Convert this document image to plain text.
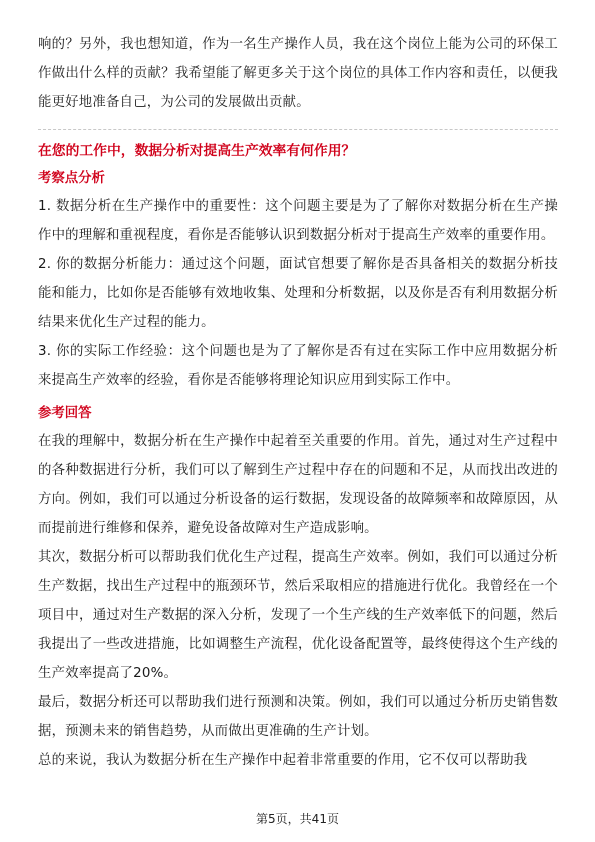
响的？另外，我也想知道，作为一名生产操作人员，我在这个岗位上能为公司的环保工作做出什么样的贡献？我希望能了解更多关于这个岗位的具体工作内容和责任，以便我能更好地准备自己，为公司的发展做出贡献。

在您的工作中，数据分析对提高生产效率有何作用？

考察点分析

1. 数据分析在生产操作中的重要性：这个问题主要是为了了解你对数据分析在生产操作中的理解和重视程度，看你是否能够认识到数据分析对于提高生产效率的重要作用。

2. 你的数据分析能力：通过这个问题，面试官想要了解你是否具备相关的数据分析技能和能力，比如你是否能够有效地收集、处理和分析数据，以及你是否有利用数据分析结果来优化生产过程的能力。

3. 你的实际工作经验：这个问题也是为了了解你是否有过在实际工作中应用数据分析来提高生产效率的经验，看你是否能够将理论知识应用到实际工作中。

参考回答

在我的理解中，数据分析在生产操作中起着至关重要的作用。首先，通过对生产过程中的各种数据进行分析，我们可以了解到生产过程中存在的问题和不足，从而找出改进的方向。例如，我们可以通过分析设备的运行数据，发现设备的故障频率和故障原因，从而提前进行维修和保养，避免设备故障对生产造成影响。

其次，数据分析可以帮助我们优化生产过程，提高生产效率。例如，我们可以通过分析生产数据，找出生产过程中的瓶颈环节，然后采取相应的措施进行优化。我曾经在一个项目中，通过对生产数据的深入分析，发现了一个生产线的生产效率低下的问题，然后我提出了一些改进措施，比如调整生产流程，优化设备配置等，最终使得这个生产线的生产效率提高了20%。

最后，数据分析还可以帮助我们进行预测和决策。例如，我们可以通过分析历史销售数据，预测未来的销售趋势，从而做出更准确的生产计划。

总的来说，我认为数据分析在生产操作中起着非常重要的作用，它不仅可以帮助我

第5页，共41页
